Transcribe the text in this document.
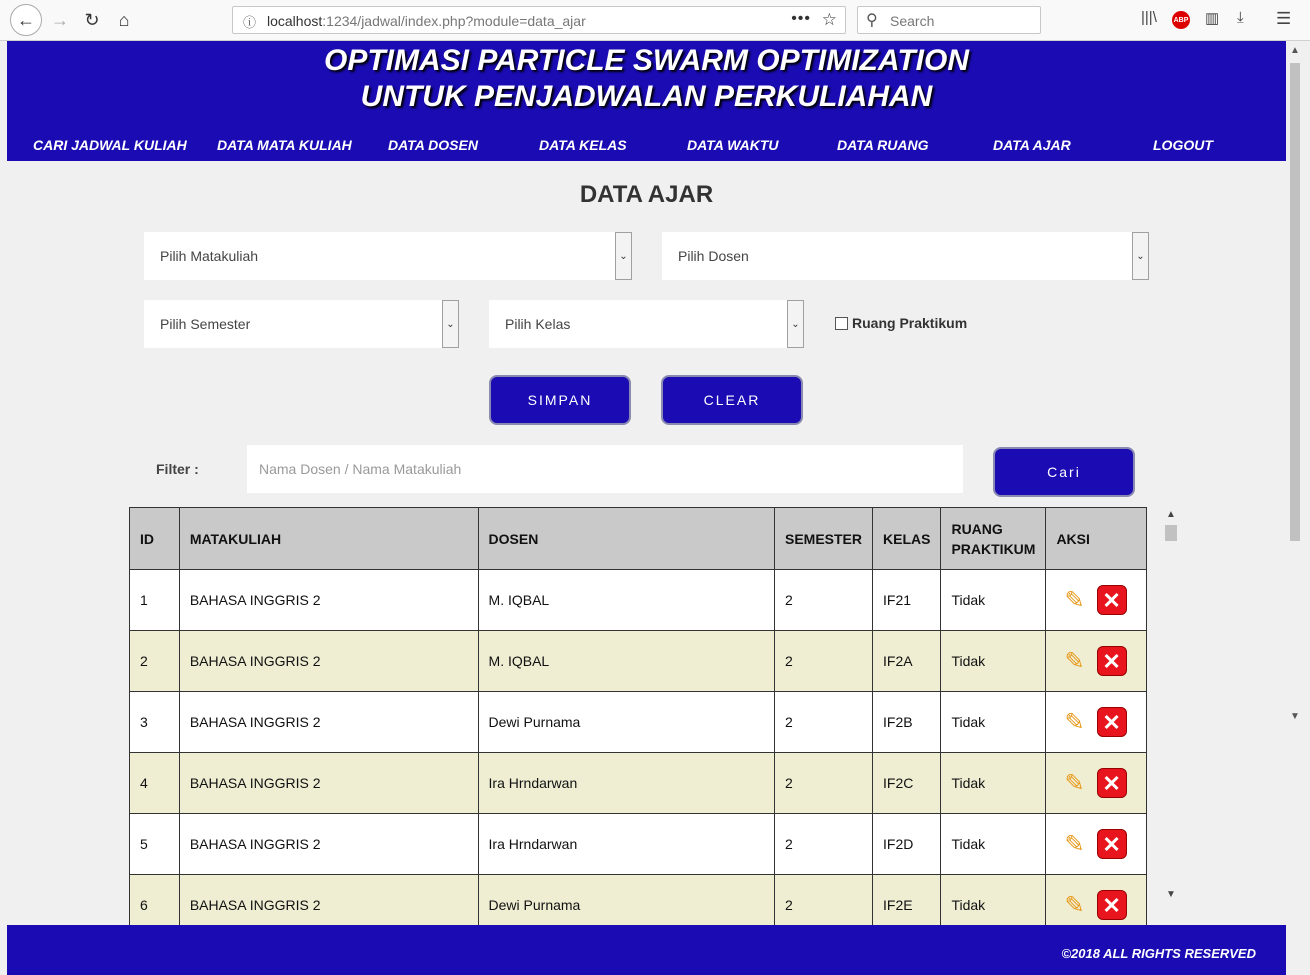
← → ↻	⌂	ⓘ localhost:1234/jadwal/index.php?module=data_ajar	••• ☆ ⚲ Search	|||\ ABP ▥ ⤓ ☰
OPTIMASI PARTICLE SWARM OPTIMIZATION
UNTUK PENJADWALAN PERKULIAHAN
CARI JADWAL KULIAH DATA MATA KULIAH	DATA DOSEN	DATA KELAS	DATA WAKTU	DATA RUANG	DATA AJAR	LOGOUT
DATA AJAR
Pilih Matakuliah	⌄	Pilih Dosen	⌄
Pilih Semester	⌄	Pilih Kelas	⌄	Ruang Praktikum
SIMPAN	CLEAR
Filter :	Nama Dosen / Nama Matakuliah	Cari
ID	MATAKULIAH	DOSEN	SEMESTER	KELAS	RUANG PRAKTIKUM	AKSI
1	BAHASA INGGRIS 2	M. IQBAL	2	IF21	Tidak	✎ ✕
2	BAHASA INGGRIS 2	M. IQBAL	2	IF2A	Tidak	✎ ✕
3	BAHASA INGGRIS 2	Dewi Purnama	2	IF2B	Tidak	✎ ✕
4	BAHASA INGGRIS 2	Ira Hrndarwan	2	IF2C	Tidak	✎ ✕
5	BAHASA INGGRIS 2	Ira Hrndarwan	2	IF2D	Tidak	✎ ✕
6	BAHASA INGGRIS 2	Dewi Purnama	2	IF2E	Tidak	✎ ✕
▲
▼
▲
▼
©2018 ALL RIGHTS RESERVED
